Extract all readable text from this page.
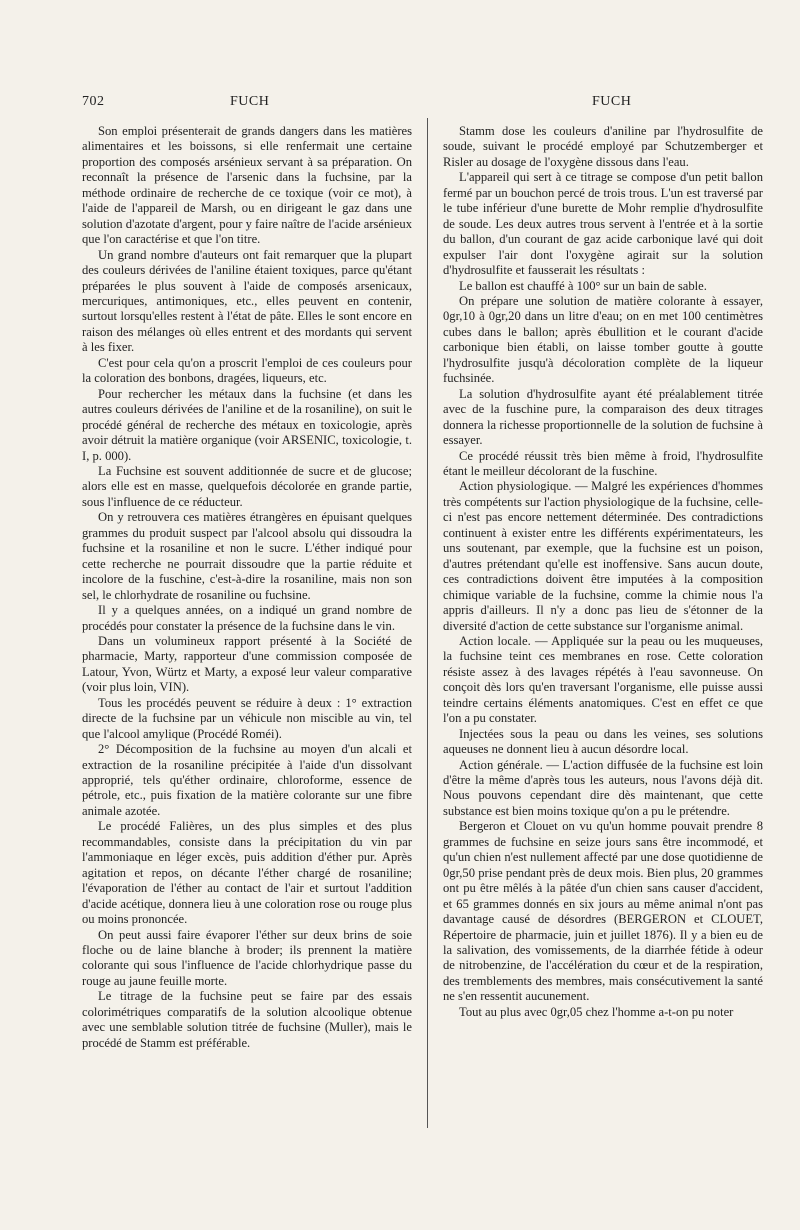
702	FUCH	FUCH

Son emploi présenterait de grands dangers dans les matières alimentaires et les boissons, si elle renfermait une certaine proportion des composés arsénieux servant à sa préparation. On reconnaît la présence de l'arsenic dans la fuchsine, par la méthode ordinaire de recherche de ce toxique (voir ce mot), à l'aide de l'appareil de Marsh, ou en dirigeant le gaz dans une solution d'azotate d'argent, pour y faire naître de l'acide arsénieux que l'on caractérise et que l'on titre.

Un grand nombre d'auteurs ont fait remarquer que la plupart des couleurs dérivées de l'aniline étaient toxiques, parce qu'étant préparées le plus souvent à l'aide de composés arsenicaux, mercuriques, antimoniques, etc., elles peuvent en contenir, surtout lorsqu'elles restent à l'état de pâte. Elles le sont encore en raison des mélanges où elles entrent et des mordants qui servent à les fixer.

C'est pour cela qu'on a proscrit l'emploi de ces couleurs pour la coloration des bonbons, dragées, liqueurs, etc.

Pour rechercher les métaux dans la fuchsine (et dans les autres couleurs dérivées de l'aniline et de la rosaniline), on suit le procédé général de recherche des métaux en toxicologie, après avoir détruit la matière organique (voir ARSENIC, toxicologie, t. I, p. 000).

La Fuchsine est souvent additionnée de sucre et de glucose; alors elle est en masse, quelquefois décolorée en grande partie, sous l'influence de ce réducteur.

On y retrouvera ces matières étrangères en épuisant quelques grammes du produit suspect par l'alcool absolu qui dissoudra la fuchsine et la rosaniline et non le sucre. L'éther indiqué pour cette recherche ne pourrait dissoudre que la partie réduite et incolore de la fuschine, c'est-à-dire la rosaniline, mais non son sel, le chlorhydrate de rosaniline ou fuchsine.

Il y a quelques années, on a indiqué un grand nombre de procédés pour constater la présence de la fuchsine dans le vin.

Dans un volumineux rapport présenté à la Société de pharmacie, Marty, rapporteur d'une commission composée de Latour, Yvon, Würtz et Marty, a exposé leur valeur comparative (voir plus loin, VIN).

Tous les procédés peuvent se réduire à deux : 1° extraction directe de la fuchsine par un véhicule non miscible au vin, tel que l'alcool amylique (Procédé Roméi).

2° Décomposition de la fuchsine au moyen d'un alcali et extraction de la rosaniline précipitée à l'aide d'un dissolvant approprié, tels qu'éther ordinaire, chloroforme, essence de pétrole, etc., puis fixation de la matière colorante sur une fibre animale azotée.

Le procédé Falières, un des plus simples et des plus recommandables, consiste dans la précipitation du vin par l'ammoniaque en léger excès, puis addition d'éther pur. Après agitation et repos, on décante l'éther chargé de rosaniline; l'évaporation de l'éther au contact de l'air et surtout l'addition d'acide acétique, donnera lieu à une coloration rose ou rouge plus ou moins prononcée.

On peut aussi faire évaporer l'éther sur deux brins de soie floche ou de laine blanche à broder; ils prennent la matière colorante qui sous l'influence de l'acide chlorhydrique passe du rouge au jaune feuille morte.

Le titrage de la fuchsine peut se faire par des essais colorimétriques comparatifs de la solution alcoolique obtenue avec une semblable solution titrée de fuchsine (Muller), mais le procédé de Stamm est préférable.

Stamm dose les couleurs d'aniline par l'hydrosulfite de soude, suivant le procédé employé par Schutzemberger et Risler au dosage de l'oxygène dissous dans l'eau.

L'appareil qui sert à ce titrage se compose d'un petit ballon fermé par un bouchon percé de trois trous. L'un est traversé par le tube inférieur d'une burette de Mohr remplie d'hydrosulfite de soude. Les deux autres trous servent à l'entrée et à la sortie du ballon, d'un courant de gaz acide carbonique lavé qui doit expulser l'air dont l'oxygène agirait sur la solution d'hydrosulfite et fausserait les résultats :

Le ballon est chauffé à 100° sur un bain de sable.

On prépare une solution de matière colorante à essayer, 0gr,10 à 0gr,20 dans un litre d'eau; on en met 100 centimètres cubes dans le ballon; après ébullition et le courant d'acide carbonique bien établi, on laisse tomber goutte à goutte l'hydrosulfite jusqu'à décoloration complète de la liqueur fuchsinée.

La solution d'hydrosulfite ayant été préalablement titrée avec de la fuschine pure, la comparaison des deux titrages donnera la richesse proportionnelle de la solution de fuchsine à essayer.

Ce procédé réussit très bien même à froid, l'hydrosulfite étant le meilleur décolorant de la fuschine.

Action physiologique. — Malgré les expériences d'hommes très compétents sur l'action physiologique de la fuchsine, celle-ci n'est pas encore nettement déterminée. Des contradictions continuent à exister entre les différents expérimentateurs, les uns soutenant, par exemple, que la fuchsine est un poison, d'autres prétendant qu'elle est inoffensive. Sans aucun doute, ces contradictions doivent être imputées à la composition chimique variable de la fuchsine, comme la chimie nous l'a appris d'ailleurs. Il n'y a donc pas lieu de s'étonner de la diversité d'action de cette substance sur l'organisme animal.

Action locale. — Appliquée sur la peau ou les muqueuses, la fuchsine teint ces membranes en rose. Cette coloration résiste assez à des lavages répétés à l'eau savonneuse. On conçoit dès lors qu'en traversant l'organisme, elle puisse aussi teindre certains éléments anatomiques. C'est en effet ce que l'on a pu constater.

Injectées sous la peau ou dans les veines, ses solutions aqueuses ne donnent lieu à aucun désordre local.

Action générale. — L'action diffusée de la fuchsine est loin d'être la même d'après tous les auteurs, nous l'avons déjà dit. Nous pouvons cependant dire dès maintenant, que cette substance est bien moins toxique qu'on a pu le prétendre.

Bergeron et Clouet on vu qu'un homme pouvait prendre 8 grammes de fuchsine en seize jours sans être incommodé, et qu'un chien n'est nullement affecté par une dose quotidienne de 0gr,50 prise pendant près de deux mois. Bien plus, 20 grammes ont pu être mêlés à la pâtée d'un chien sans causer d'accident, et 65 grammes donnés en six jours au même animal n'ont pas davantage causé de désordres (BERGERON et CLOUET, Répertoire de pharmacie, juin et juillet 1876). Il y a bien eu de la salivation, des vomissements, de la diarrhée fétide à odeur de nitrobenzine, de l'accélération du cœur et de la respiration, des tremblements des membres, mais consécutivement la santé ne s'en ressentit aucunement.

Tout au plus avec 0gr,05 chez l'homme a-t-on pu noter
